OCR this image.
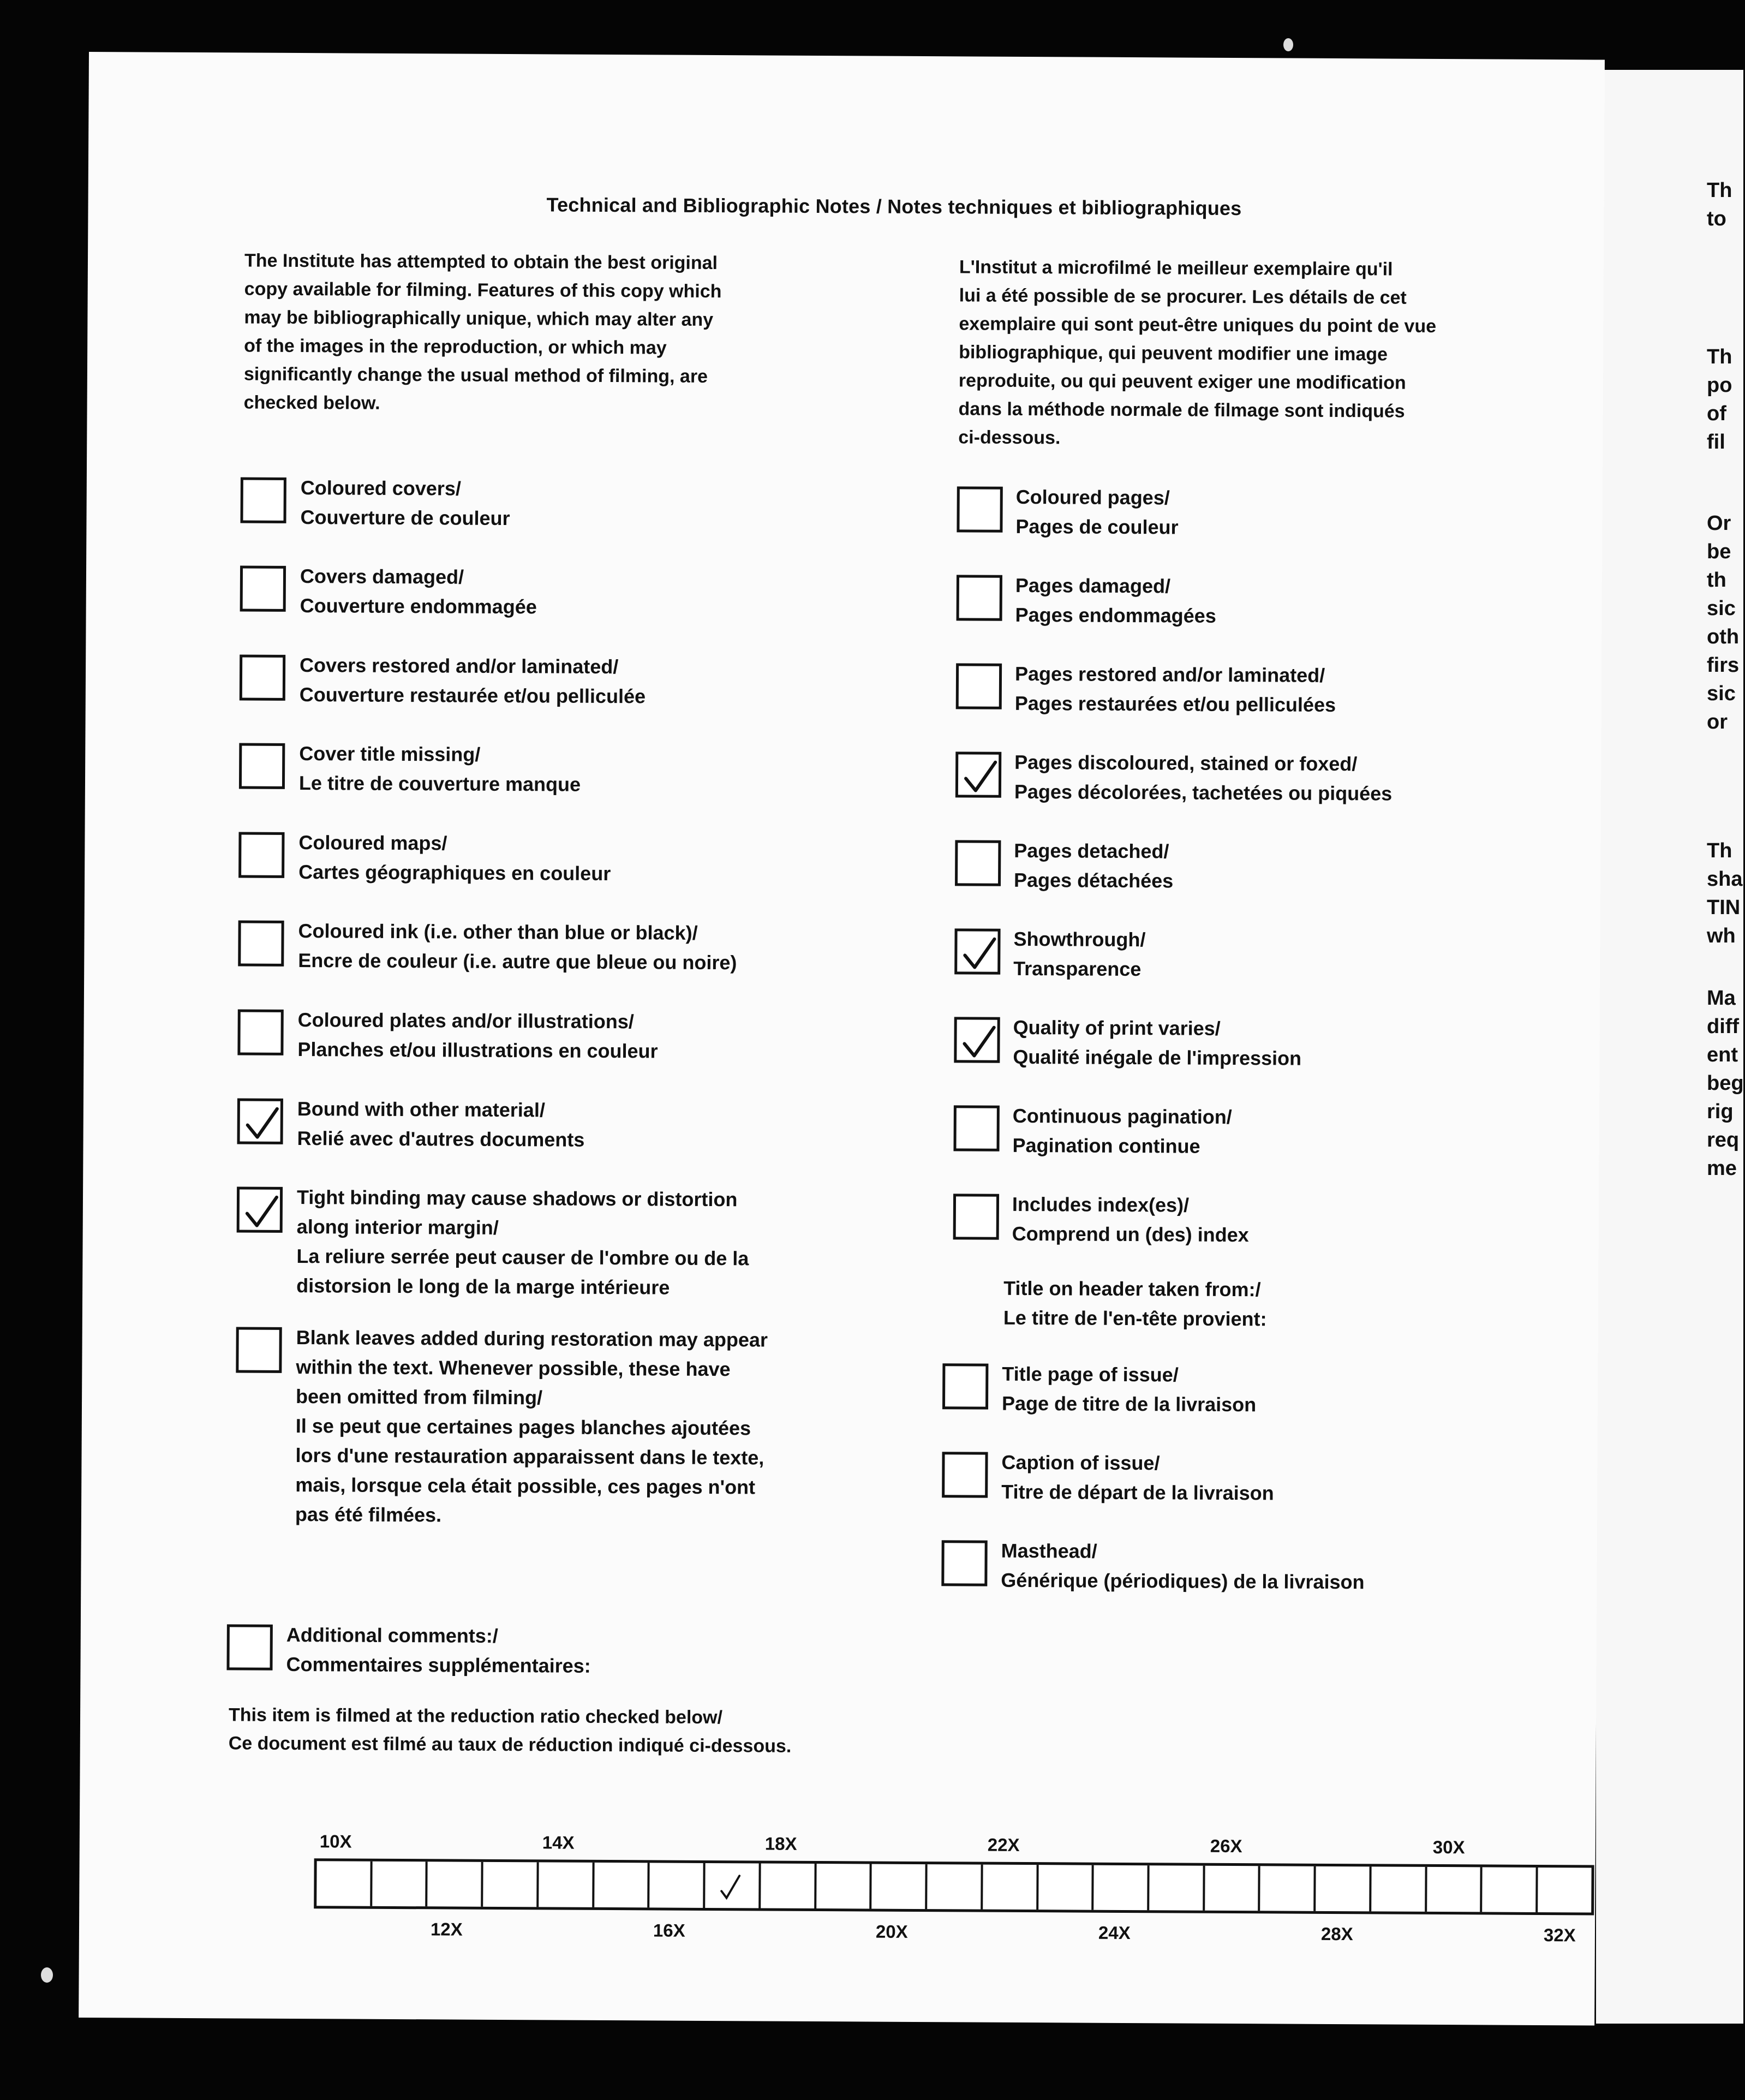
Th
to
Th
po
of
fil
Or
be
th
sic
oth
firs
sic
or
Th
sha
TIN
wh
Ma
diff
ent
beg
rig
req
me
Technical and Bibliographic Notes / Notes techniques et bibliographiques
The Institute has attempted to obtain the best original
copy available for filming. Features of this copy which
may be bibliographically unique, which may alter any
of the images in the reproduction, or which may
significantly change the usual method of filming, are
checked below.
L'Institut a microfilmé le meilleur exemplaire qu'il
lui a été possible de se procurer. Les détails de cet
exemplaire qui sont peut-être uniques du point de vue
bibliographique, qui peuvent modifier une image
reproduite, ou qui peuvent exiger une modification
dans la méthode normale de filmage sont indiqués
ci-dessous.
Coloured covers/
Couverture de couleur
Covers damaged/
Couverture endommagée
Covers restored and/or laminated/
Couverture restaurée et/ou pelliculée
Cover title missing/
Le titre de couverture manque
Coloured maps/
Cartes géographiques en couleur
Coloured ink (i.e. other than blue or black)/
Encre de couleur (i.e. autre que bleue ou noire)
Coloured plates and/or illustrations/
Planches et/ou illustrations en couleur
Bound with other material/
Relié avec d'autres documents
Tight binding may cause shadows or distortion
along interior margin/
La reliure serrée peut causer de l'ombre ou de la
distorsion le long de la marge intérieure
Blank leaves added during restoration may appear
within the text. Whenever possible, these have
been omitted from filming/
Il se peut que certaines pages blanches ajoutées
lors d'une restauration apparaissent dans le texte,
mais, lorsque cela était possible, ces pages n'ont
pas été filmées.
Coloured pages/
Pages de couleur
Pages damaged/
Pages endommagées
Pages restored and/or laminated/
Pages restaurées et/ou pelliculées
Pages discoloured, stained or foxed/
Pages décolorées, tachetées ou piquées
Pages detached/
Pages détachées
Showthrough/
Transparence
Quality of print varies/
Qualité inégale de l'impression
Continuous pagination/
Pagination continue
Includes index(es)/
Comprend un (des) index
Title on header taken from:/
Le titre de l'en-tête provient:
Title page of issue/
Page de titre de la livraison
Caption of issue/
Titre de départ de la livraison
Masthead/
Générique (périodiques) de la livraison
Additional comments:/
Commentaires supplémentaires:
This item is filmed at the reduction ratio checked below/
Ce document est filmé au taux de réduction indiqué ci-dessous.
10X	14X	18X	22X	26X	30X
12X	16X	20X	24X	28X	32X
